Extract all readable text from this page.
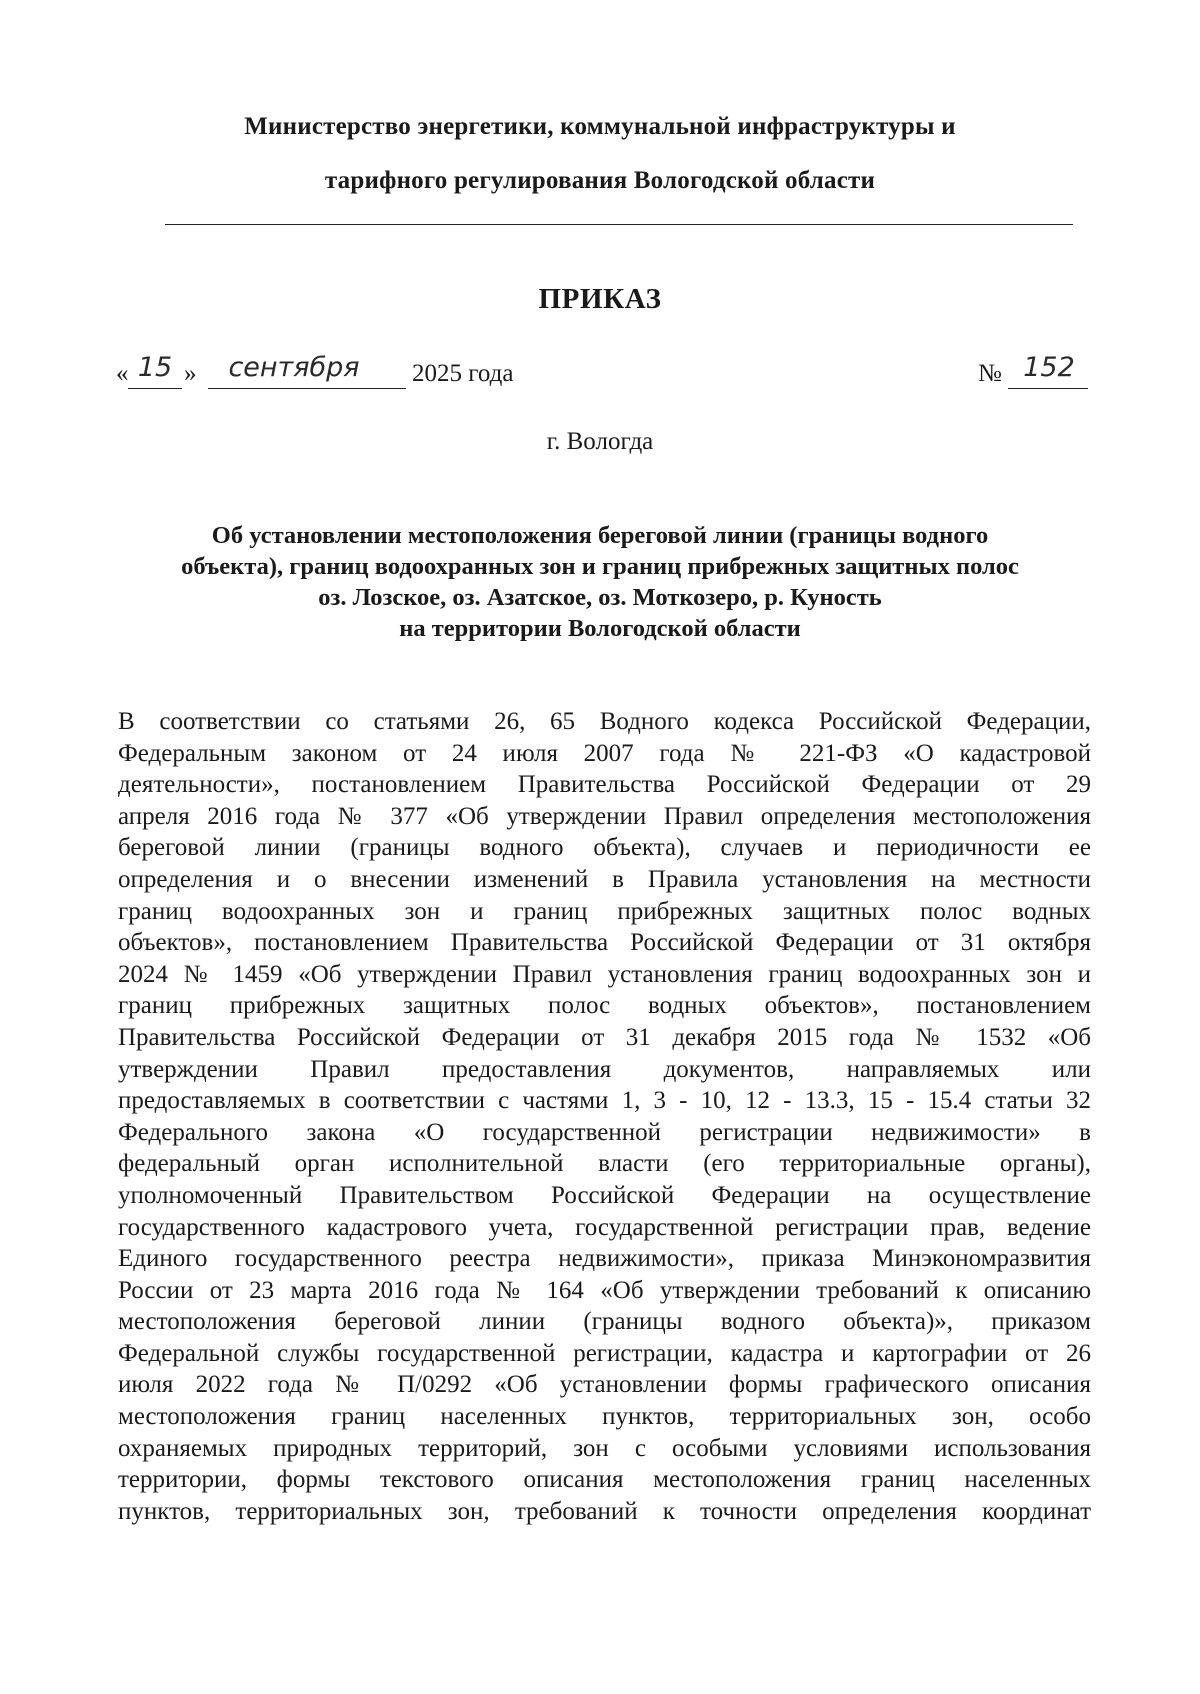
Министерство энергетики, коммунальной инфраструктуры и
тарифного регулирования Вологодской области
ПРИКАЗ
« 15 »	сентября	2025 года	№ 152
г. Вологда
Об установлении местоположения береговой линии (границы водного
объекта), границ водоохранных зон и границ прибрежных защитных полос
оз. Лозское, оз. Азатское, оз. Моткозеро, р. Куность
на территории Вологодской области
В соответствии со статьями 26, 65 Водного кодекса Российской Федерации,
Федеральным законом от 24 июля 2007 года № 221-ФЗ «О кадастровой
деятельности», постановлением Правительства Российской Федерации от 29
апреля 2016 года № 377 «Об утверждении Правил определения местоположения
береговой линии (границы водного объекта), случаев и периодичности ее
определения и о внесении изменений в Правила установления на местности
границ водоохранных зон и границ прибрежных защитных полос водных
объектов», постановлением Правительства Российской Федерации от 31 октября
2024 № 1459 «Об утверждении Правил установления границ водоохранных зон и
границ прибрежных защитных полос водных объектов», постановлением
Правительства Российской Федерации от 31 декабря 2015 года № 1532 «Об
утверждении Правил предоставления документов, направляемых или
предоставляемых в соответствии с частями 1, 3 - 10, 12 - 13.3, 15 - 15.4 статьи 32
Федерального закона «О государственной регистрации недвижимости» в
федеральный орган исполнительной власти (его территориальные органы),
уполномоченный Правительством Российской Федерации на осуществление
государственного кадастрового учета, государственной регистрации прав, ведение
Единого государственного реестра недвижимости», приказа Минэкономразвития
России от 23 марта 2016 года № 164 «Об утверждении требований к описанию
местоположения береговой линии (границы водного объекта)», приказом
Федеральной службы государственной регистрации, кадастра и картографии от 26
июля 2022 года № П/0292 «Об установлении формы графического описания
местоположения границ населенных пунктов, территориальных зон, особо
охраняемых природных территорий, зон с особыми условиями использования
территории, формы текстового описания местоположения границ населенных
пунктов, территориальных зон, требований к точности определения координат
